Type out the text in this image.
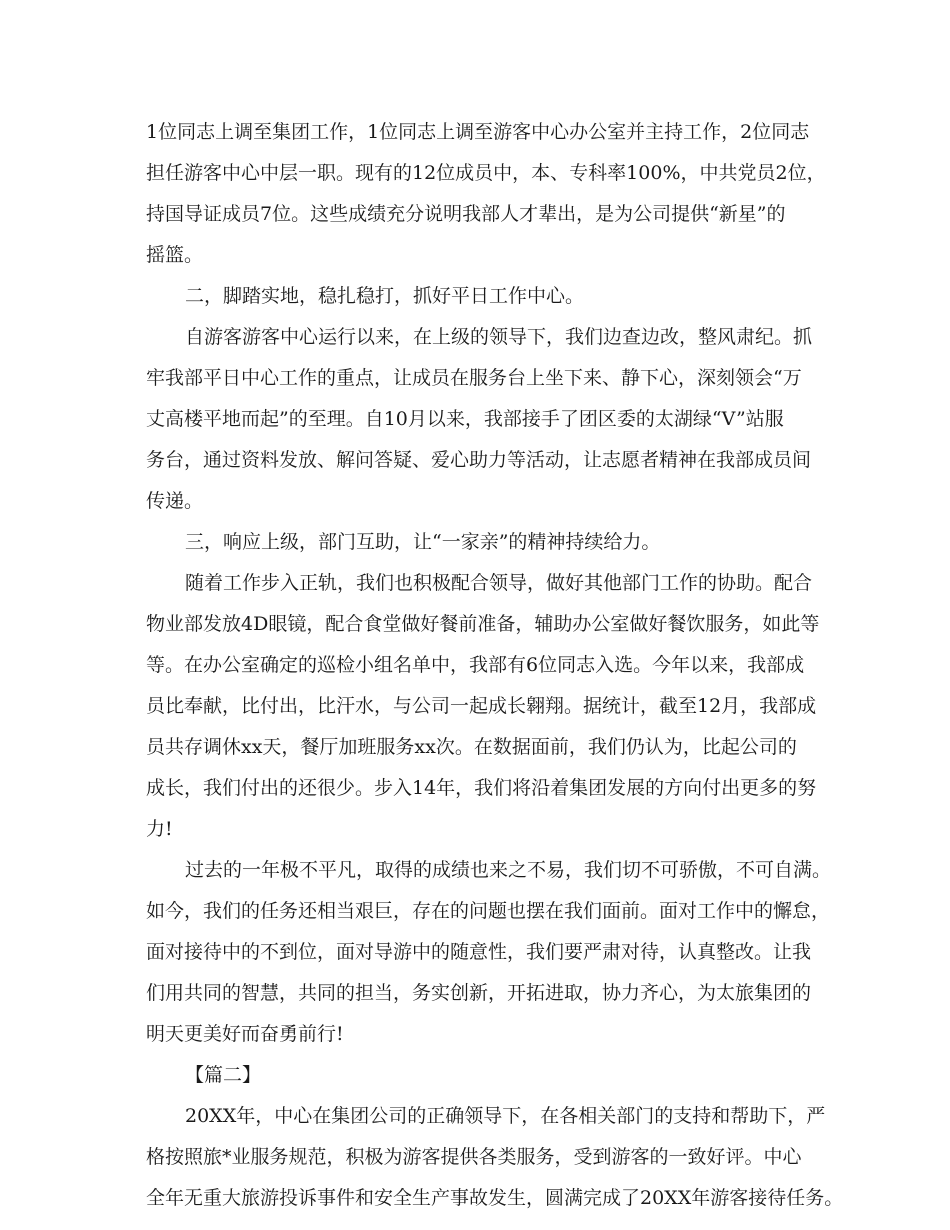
1位同志上调至集团工作，1位同志上调至游客中心办公室并主持工作，2位同志
担任游客中心中层一职。现有的12位成员中，本、专科率100%，中共党员2位，
持国导证成员7位。这些成绩充分说明我部人才辈出，是为公司提供“新星”的
摇篮。
二，脚踏实地，稳扎稳打，抓好平日工作中心。
自游客游客中心运行以来，在上级的领导下，我们边查边改，整风肃纪。抓
牢我部平日中心工作的重点，让成员在服务台上坐下来、静下心，深刻领会“万
丈高楼平地而起”的至理。自10月以来，我部接手了团区委的太湖绿“V”站服
务台，通过资料发放、解问答疑、爱心助力等活动，让志愿者精神在我部成员间
传递。
三，响应上级，部门互助，让“一家亲”的精神持续给力。
随着工作步入正轨，我们也积极配合领导，做好其他部门工作的协助。配合
物业部发放4D眼镜，配合食堂做好餐前准备，辅助办公室做好餐饮服务，如此等
等。在办公室确定的巡检小组名单中，我部有6位同志入选。今年以来，我部成
员比奉献，比付出，比汗水，与公司一起成长翱翔。据统计，截至12月，我部成
员共存调休xx天，餐厅加班服务xx次。在数据面前，我们仍认为，比起公司的
成长，我们付出的还很少。步入14年，我们将沿着集团发展的方向付出更多的努
力!
过去的一年极不平凡，取得的成绩也来之不易，我们切不可骄傲，不可自满。
如今，我们的任务还相当艰巨，存在的问题也摆在我们面前。面对工作中的懈怠，
面对接待中的不到位，面对导游中的随意性，我们要严肃对待，认真整改。让我
们用共同的智慧，共同的担当，务实创新，开拓进取，协力齐心，为太旅集团的
明天更美好而奋勇前行!
【篇二】
20XX年，中心在集团公司的正确领导下，在各相关部门的支持和帮助下，严
格按照旅*业服务规范，积极为游客提供各类服务，受到游客的一致好评。中心
全年无重大旅游投诉事件和安全生产事故发生，圆满完成了20XX年游客接待任务。
